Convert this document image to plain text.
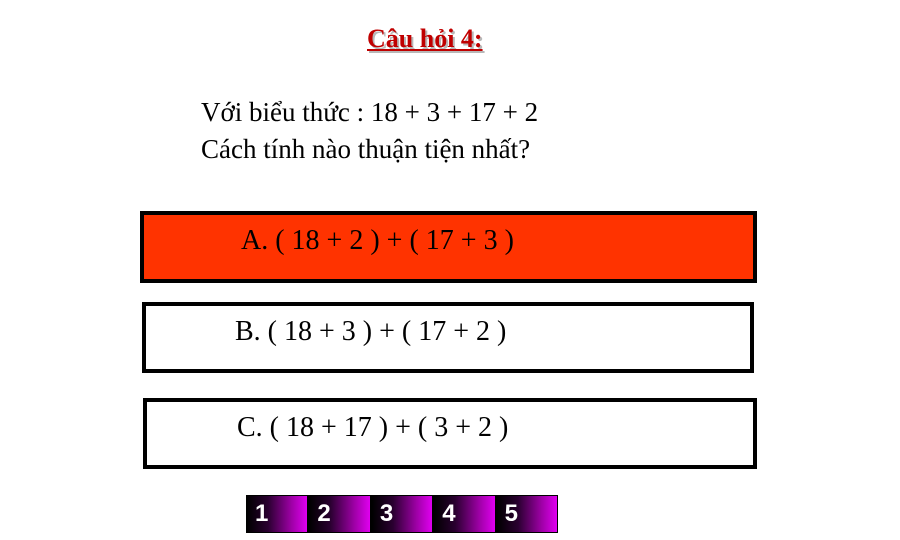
Câu hỏi 4:
Với biểu thức : 18 + 3 + 17 + 2
Cách tính nào thuận tiện nhất?
A. ( 18 + 2 ) + ( 17 + 3 )
B. ( 18 + 3 ) + ( 17 + 2 )
C. ( 18 + 17 ) + ( 3 + 2 )
1	2	3	4	5
